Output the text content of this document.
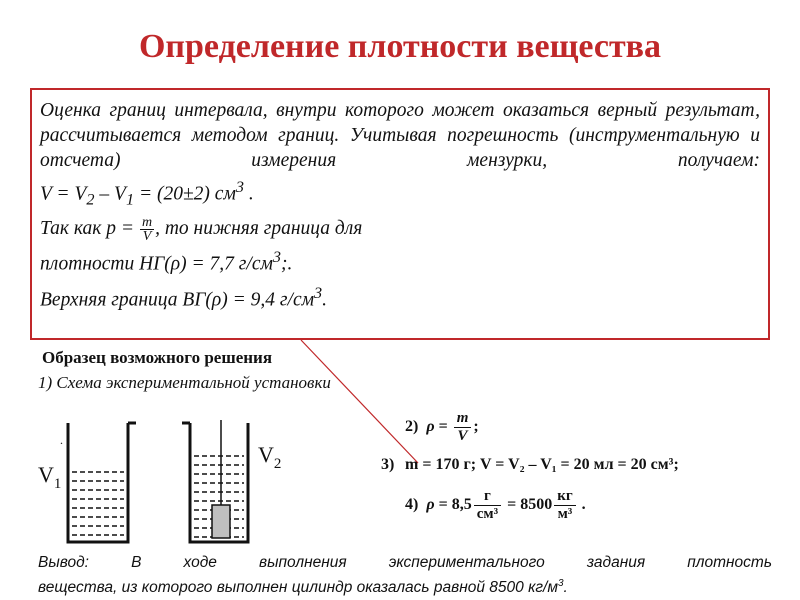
Определение плотности вещества

Оценка границ интервала, внутри которого может оказаться верный результат, рассчитывается методом границ. Учитывая погрешность (инструментальную и отсчета) измерения мензурки, получаем:

$V = V_2 - V_1 = (20\pm 2)$ $см^3$ .
Так как $p = \frac{m}{V}$ , то нижняя граница для
плотности НГ(ρ) = 7,7 $г/см^3$;.
Верхняя граница ВГ(ρ) = 9,4 $г/см^3$.
Образец возможного решения
1) Схема экспериментальной установки
.
$V_1$
$V_2$
2) $\rho = \frac{m}{V}$ ;
m = 170 г; V = V₂ – V₁ = 20 мл = 20 см³;
3)
4) $\rho = 8,5 \frac{г}{\text{см³}} = 8500 \frac{кг}{\text{м³}}$ .
Вывод: В ходе выполнения экспериментального задания плотность
вещества, из которого выполнен цилиндр оказалась равной 8500 $кг/м^3$.
